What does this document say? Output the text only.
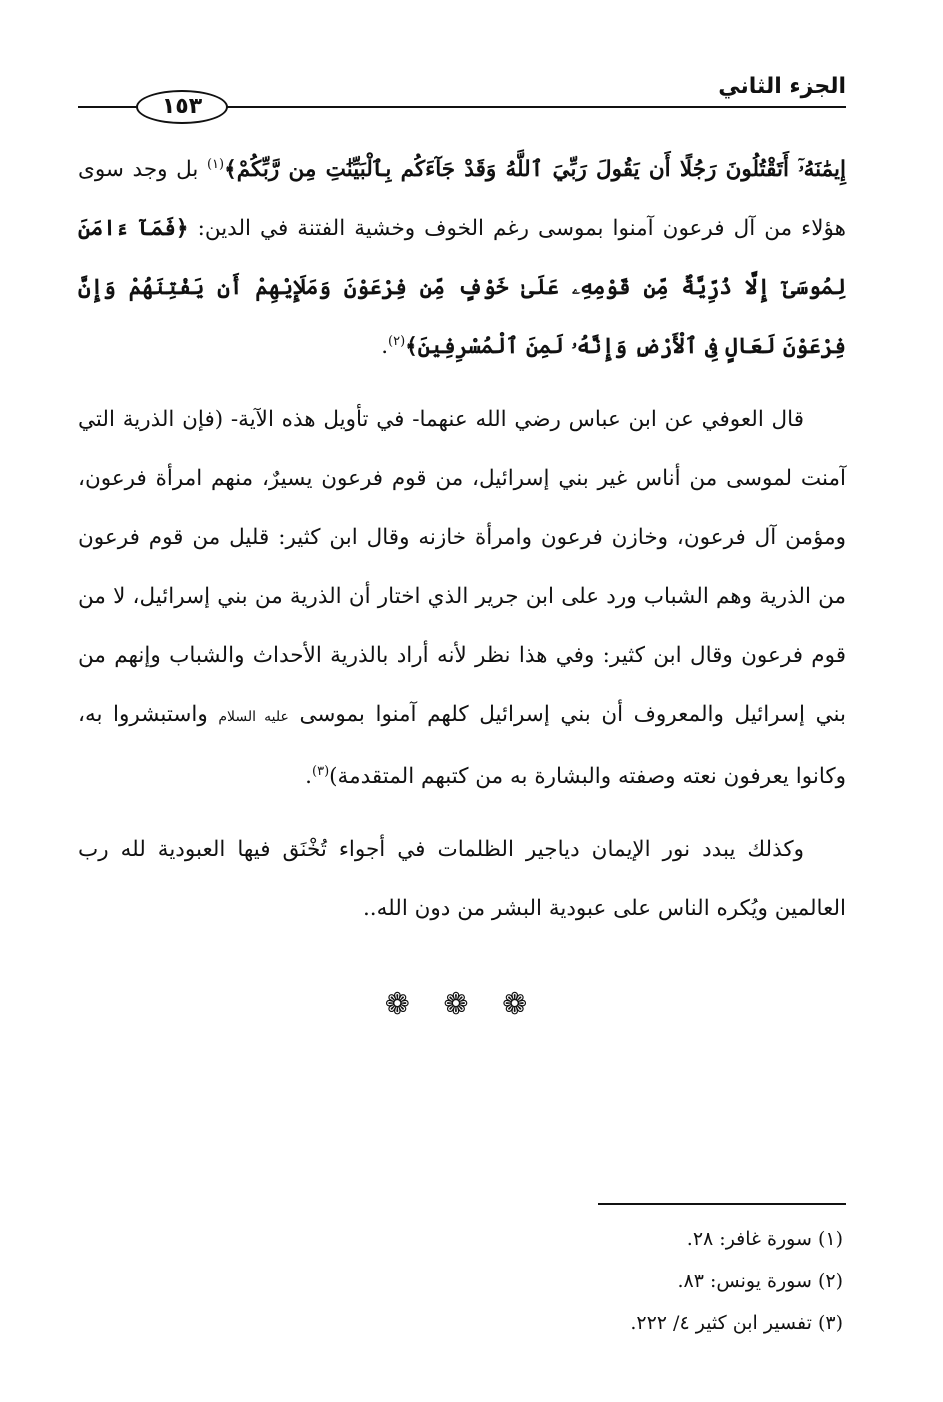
الجزء الثاني
١٥٣

إِيمَٰنَهُۥٓ أَتَقْتُلُونَ رَجُلًا أَن يَقُولَ رَبِّيَ ٱللَّهُ وَقَدْ جَآءَكُم بِٱلْبَيِّنَٰتِ مِن رَّبِّكُمْ﴾$^{(١)}$ بل وجد سوى هؤلاء من آل فرعون آمنوا بموسى رغم الخوف وخشية الفتنة في الدين: ﴿فَمَآ ءَامَنَ لِمُوسَىٰٓ إِلَّا ذُرِّيَّةٌ مِّن قَوْمِهِۦ عَلَىٰ خَوْفٍ مِّن فِرْعَوْنَ وَمَلَإِيْهِمْ أَن يَفْتِنَهُمْ وَإِنَّ فِرْعَوْنَ لَعَالٍ فِى ٱلْأَرْضِ وَإِنَّهُۥ لَمِنَ ٱلْمُسْرِفِينَ﴾$^{(٢)}$.

قال العوفي عن ابن عباس رضي الله عنهما- في تأويل هذه الآية- (فإن الذرية التي آمنت لموسى من أناس غير بني إسرائيل، من قوم فرعون يسيرٌ، منهم امرأة فرعون، ومؤمن آل فرعون، وخازن فرعون وامرأة خازنه وقال ابن كثير: قليل من قوم فرعون من الذرية وهم الشباب ورد على ابن جرير الذي اختار أن الذرية من بني إسرائيل، لا من قوم فرعون وقال ابن كثير: وفي هذا نظر لأنه أراد بالذرية الأحداث والشباب وإنهم من بني إسرائيل والمعروف أن بني إسرائيل كلهم آمنوا بموسى عليه السلام واستبشروا به، وكانوا يعرفون نعته وصفته والبشارة به من كتبهم المتقدمة)$^{(٣)}$.

وكذلك يبدد نور الإيمان دياجير الظلمات في أجواء تُخْنَق فيها العبودية لله رب العالمين ويُكره الناس على عبودية البشر من دون الله..

❁ ❁ ❁

(١) سورة غافر: ٢٨.

(٢) سورة يونس: ٨٣.

(٣) تفسير ابن كثير ٤/ ٢٢٢.
